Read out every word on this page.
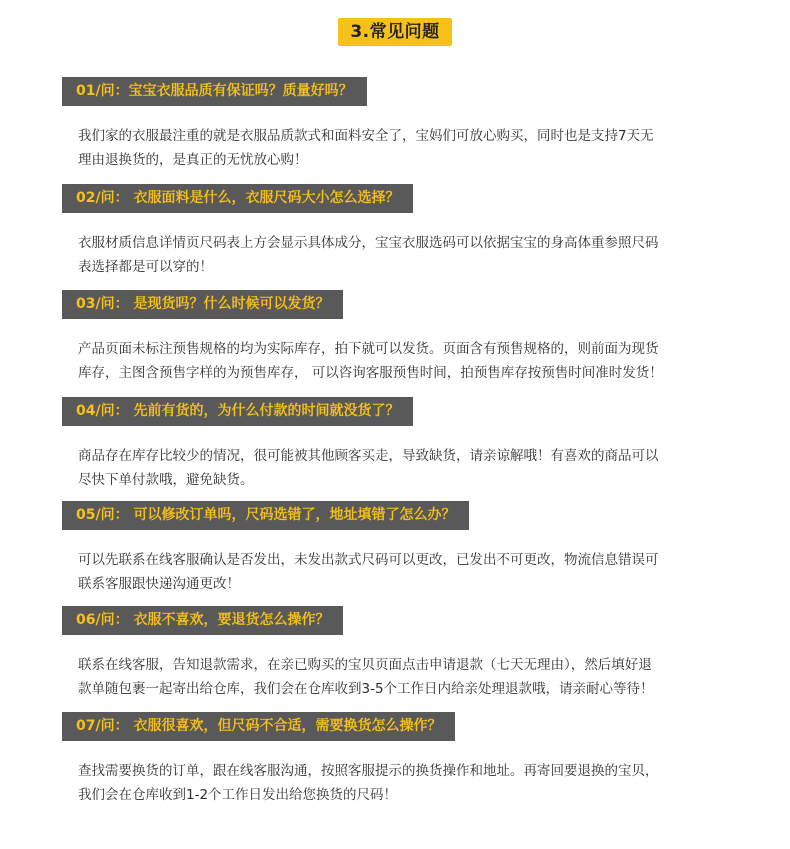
3.常见问题
01/问：宝宝衣服品质有保证吗？质量好吗？
我们家的衣服最注重的就是衣服品质款式和面料安全了，宝妈们可放心购买，同时也是支持7天无
理由退换货的，是真正的无忧放心购！
02/问： 衣服面料是什么，衣服尺码大小怎么选择？
衣服材质信息详情页尺码表上方会显示具体成分，宝宝衣服选码可以依据宝宝的身高体重参照尺码
表选择都是可以穿的！
03/问： 是现货吗？什么时候可以发货？
产品页面未标注预售规格的均为实际库存，拍下就可以发货。页面含有预售规格的，则前面为现货
库存，主图含预售字样的为预售库存， 可以咨询客服预售时间，拍预售库存按预售时间准时发货！
04/问： 先前有货的，为什么付款的时间就没货了？
商品存在库存比较少的情况，很可能被其他顾客买走，导致缺货，请亲谅解哦！有喜欢的商品可以
尽快下单付款哦，避免缺货。
05/问： 可以修改订单吗，尺码选错了，地址填错了怎么办？
可以先联系在线客服确认是否发出，未发出款式尺码可以更改，已发出不可更改，物流信息错误可
联系客服跟快递沟通更改！
06/问： 衣服不喜欢，要退货怎么操作？
联系在线客服，告知退款需求，在亲已购买的宝贝页面点击申请退款（七天无理由），然后填好退
款单随包裹一起寄出给仓库，我们会在仓库收到3-5个工作日内给亲处理退款哦，请亲耐心等待！
07/问： 衣服很喜欢，但尺码不合适，需要换货怎么操作？
查找需要换货的订单，跟在线客服沟通，按照客服提示的换货操作和地址。再寄回要退换的宝贝，
我们会在仓库收到1-2个工作日发出给您换货的尺码！
